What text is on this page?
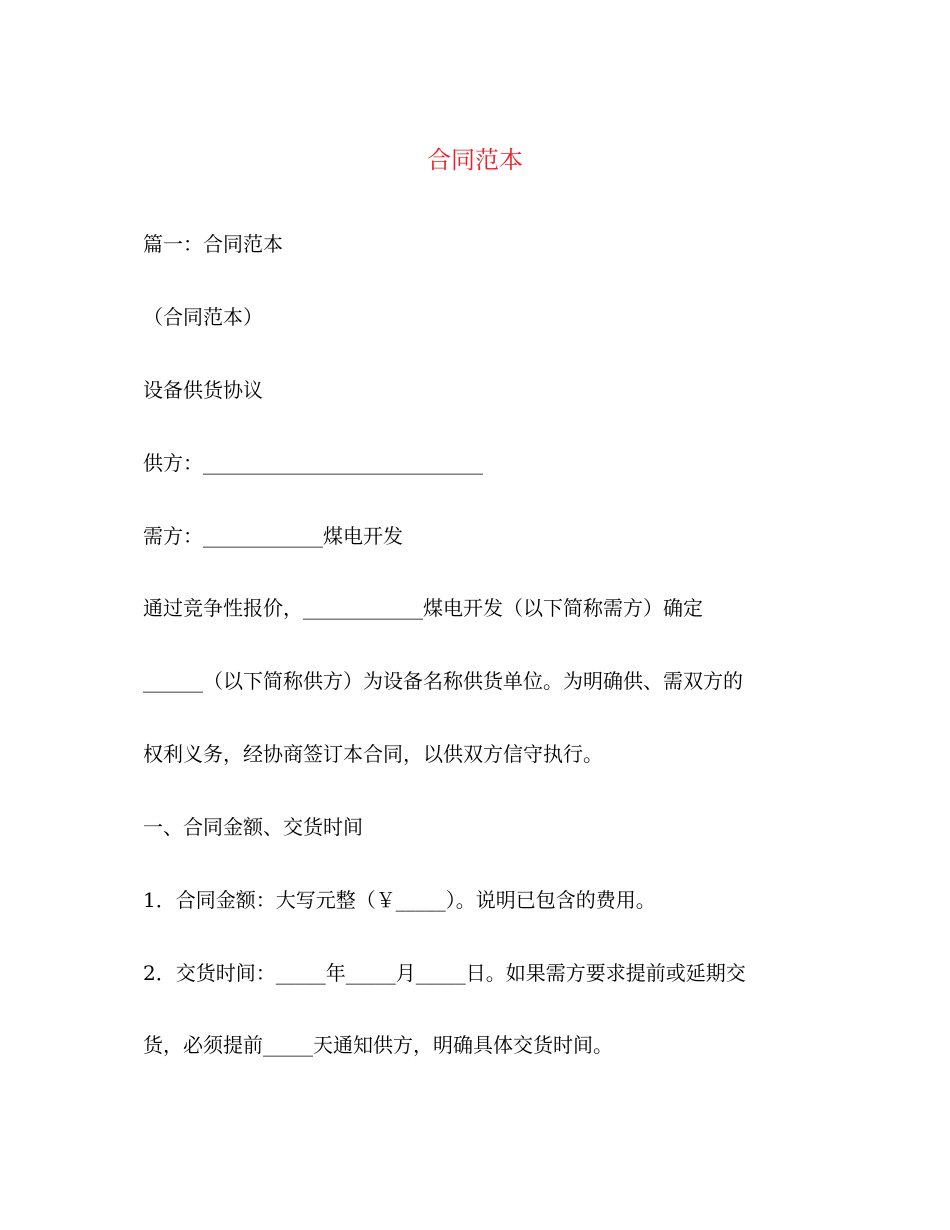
合同范本
篇一：合同范本
（合同范本）
设备供货协议
供方：____________________________
需方：____________煤电开发
通过竞争性报价，____________煤电开发（以下简称需方）确定
______（以下简称供方）为设备名称供货单位。为明确供、需双方的
权利义务，经协商签订本合同，以供双方信守执行。
一、合同金额、交货时间
1．合同金额：大写元整（￥_____）。说明已包含的费用。
2．交货时间：_____年_____月_____日。如果需方要求提前或延期交
货，必须提前_____天通知供方，明确具体交货时间。
